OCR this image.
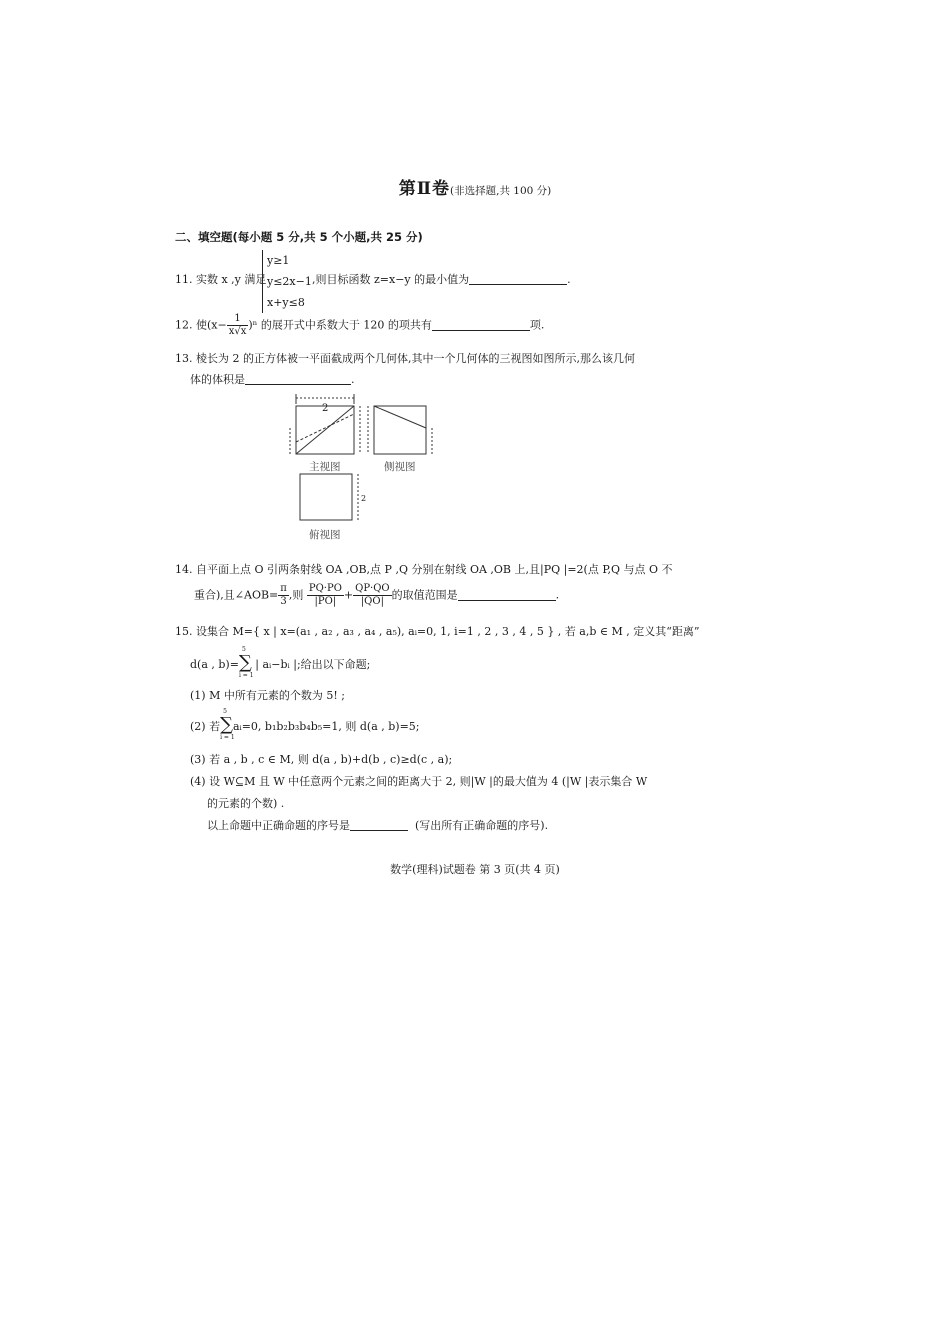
第Ⅱ卷(非选择题,共 100 分)
二、填空题(每小题 5 分,共 5 个小题,共 25 分)
11. 实数 x ,y 满足
y≥1
y≤2x−1
x+y≤8
,则目标函数 z=x−y 的最小值为	.
12. 使$(x- \frac{1}{x√x} )^n$ 的展开式中系数大于 120 的项共有	项.
13. 棱长为 2 的正方体被一平面截成两个几何体,其中一个几何体的三视图如图所示,那么该几何
体的体积是	.
2
2
主视图	侧视图
俯视图
14. 自平面上点 O 引两条射线 OA ,OB,点 P ,Q 分别在射线 OA ,OB 上,且|PQ |=2(点 P,Q 与点 O 不
重合),且∠AOB= $\frac{\pi}{3}$ ,则 $\frac{PQ\cdot PO}{|PO|} + \frac{QP\cdot QO}{|QO|}$ 的取值范围是	.
15. 设集合 M={ x | x=(a₁ , a₂ , a₃ , a₄ , a₅), aᵢ=0, 1, i=1 , 2 , 3 , 4 , 5 } , 若 a,b ∈ M , 定义其“距离”
d(a , b)=∑
5
i = 1
| aᵢ−bᵢ |;给出以下命题;
(1) M 中所有元素的个数为 5! ;
(2) 若∑
5
i = 1
aᵢ=0, b₁b₂b₃b₄b₅=1, 则 d(a , b)=5;
(3) 若 a , b , c ∈ M, 则 d(a , b)+d(b , c)≥d(c , a);
(4) 设 W⊆M 且 W 中任意两个元素之间的距离大于 2, 则|W |的最大值为 4 (|W |表示集合 W
的元素的个数) .
以上命题中正确命题的序号是	(写出所有正确命题的序号).
数学(理科)试题卷 第 3 页(共 4 页)
